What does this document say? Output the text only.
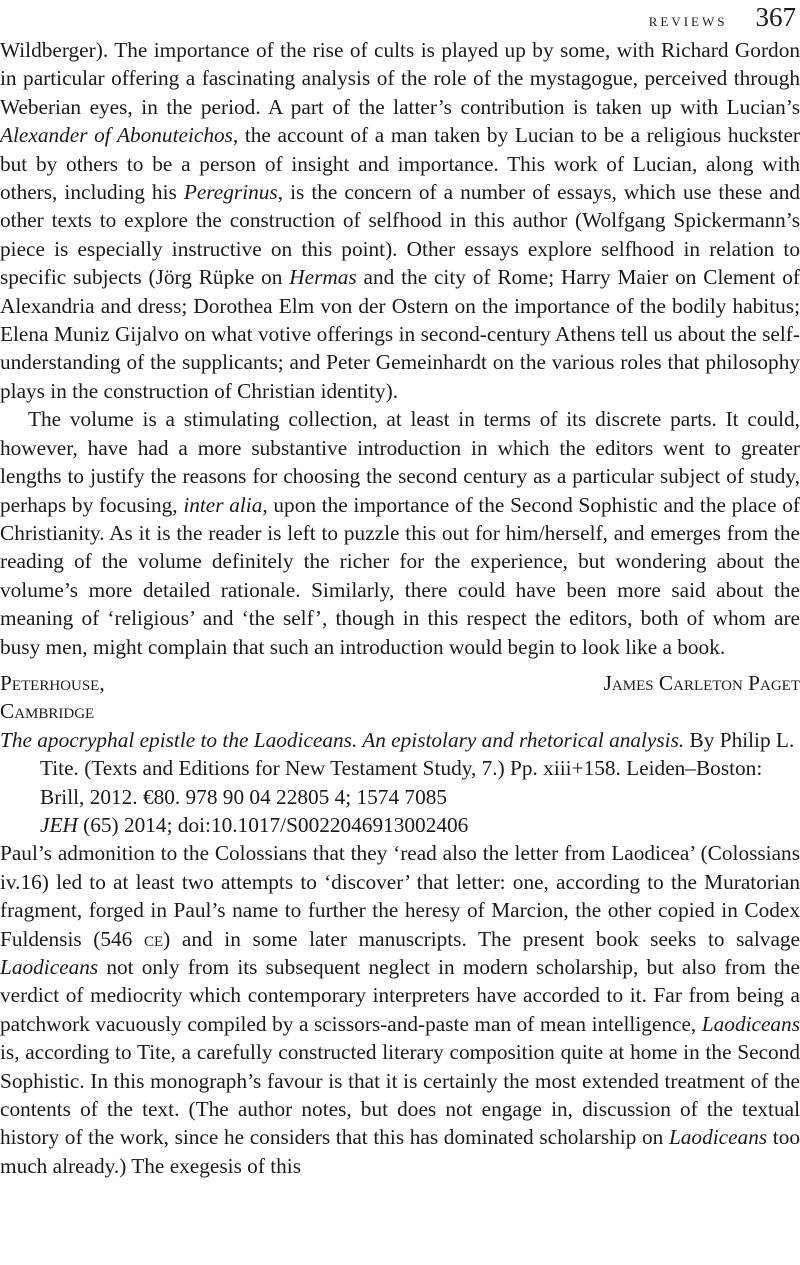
reviews 367

Wildberger). The importance of the rise of cults is played up by some, with Richard Gordon in particular offering a fascinating analysis of the role of the mystagogue, perceived through Weberian eyes, in the period. A part of the latter’s contribution is taken up with Lucian’s Alexander of Abonuteichos, the account of a man taken by Lucian to be a religious huckster but by others to be a person of insight and importance. This work of Lucian, along with others, including his Peregrinus, is the concern of a number of essays, which use these and other texts to explore the construction of selfhood in this author (Wolfgang Spickermann’s piece is especially instructive on this point). Other essays explore selfhood in relation to specific subjects (Jörg Rüpke on Hermas and the city of Rome; Harry Maier on Clement of Alexandria and dress; Dorothea Elm von der Ostern on the importance of the bodily habitus; Elena Muniz Gijalvo on what votive offerings in second-century Athens tell us about the self-understanding of the supplicants; and Peter Gemeinhardt on the various roles that philosophy plays in the construction of Christian identity).

The volume is a stimulating collection, at least in terms of its discrete parts. It could, however, have had a more substantive introduction in which the editors went to greater lengths to justify the reasons for choosing the second century as a particular subject of study, perhaps by focusing, inter alia, upon the importance of the Second Sophistic and the place of Christianity. As it is the reader is left to puzzle this out for him/herself, and emerges from the reading of the volume definitely the richer for the experience, but wondering about the volume’s more detailed rationale. Similarly, there could have been more said about the meaning of ‘religious’ and ‘the self’, though in this respect the editors, both of whom are busy men, might complain that such an introduction would begin to look like a book.

Peterhouse,
Cambridge
James Carleton Paget

The apocryphal epistle to the Laodiceans. An epistolary and rhetorical analysis. By Philip L. Tite. (Texts and Editions for New Testament Study, 7.) Pp. xiii+158. Leiden–Boston: Brill, 2012. €80. 978 90 04 22805 4; 1574 7085
JEH (65) 2014; doi:10.1017/S0022046913002406

Paul’s admonition to the Colossians that they ‘read also the letter from Laodicea’ (Colossians iv.16) led to at least two attempts to ‘discover’ that letter: one, according to the Muratorian fragment, forged in Paul’s name to further the heresy of Marcion, the other copied in Codex Fuldensis (546 ce) and in some later manuscripts. The present book seeks to salvage Laodiceans not only from its subsequent neglect in modern scholarship, but also from the verdict of mediocrity which contemporary interpreters have accorded to it. Far from being a patchwork vacuously compiled by a scissors-and-paste man of mean intelligence, Laodiceans is, according to Tite, a carefully constructed literary composition quite at home in the Second Sophistic. In this monograph’s favour is that it is certainly the most extended treatment of the contents of the text. (The author notes, but does not engage in, discussion of the textual history of the work, since he considers that this has dominated scholarship on Laodiceans too much already.) The exegesis of this
